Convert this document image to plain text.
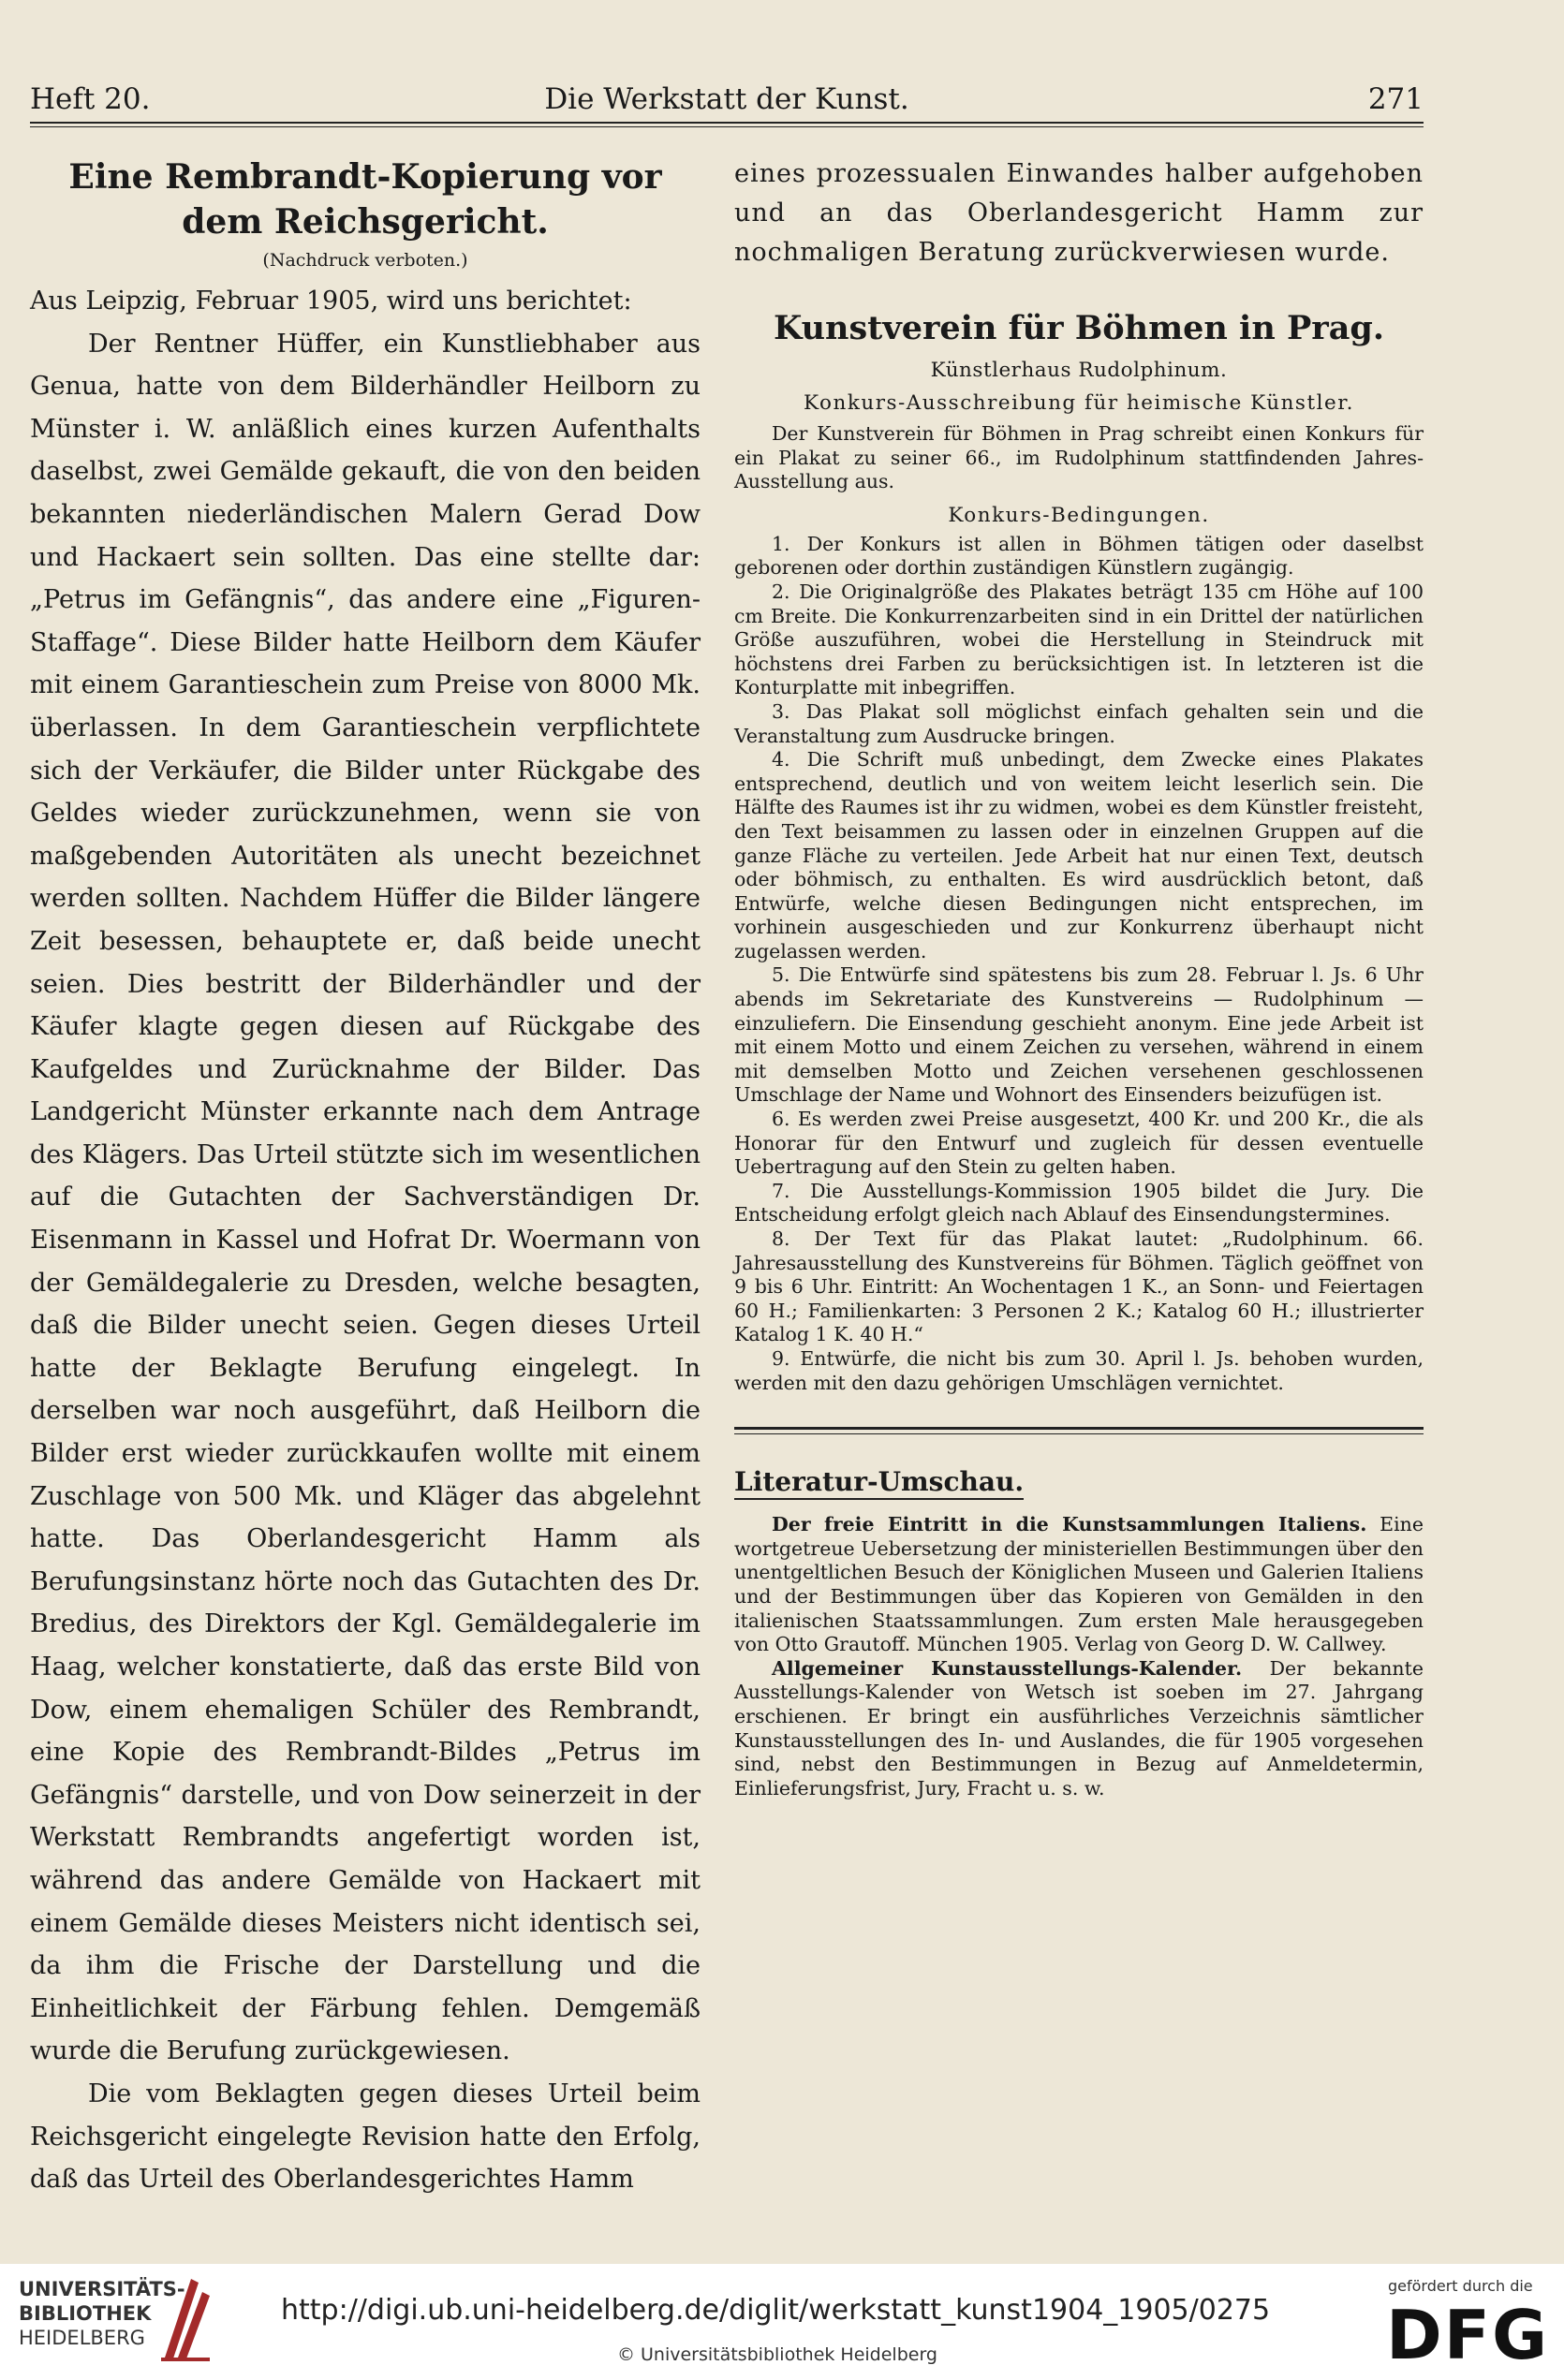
Heft 20.	Die Werkstatt der Kunst.	271
Eine Rembrandt-Kopierung vor dem Reichsgericht.
(Nachdruck verboten.)

Aus Leipzig, Februar 1905, wird uns berichtet:

Der Rentner Hüffer, ein Kunstliebhaber aus Genua, hatte von dem Bilderhändler Heilborn zu Münster i. W. anläßlich eines kurzen Aufenthalts daselbst, zwei Gemälde gekauft, die von den beiden bekannten niederländischen Malern Gerad Dow und Hackaert sein sollten. Das eine stellte dar: „Petrus im Gefängnis“, das andere eine „Figuren-Staffage“. Diese Bilder hatte Heilborn dem Käufer mit einem Garantieschein zum Preise von 8000 Mk. überlassen. In dem Garantieschein verpflichtete sich der Verkäufer, die Bilder unter Rückgabe des Geldes wieder zurückzunehmen, wenn sie von maßgebenden Autoritäten als unecht bezeichnet werden sollten. Nachdem Hüffer die Bilder längere Zeit besessen, behauptete er, daß beide unecht seien. Dies bestritt der Bilderhändler und der Käufer klagte gegen diesen auf Rückgabe des Kaufgeldes und Zurücknahme der Bilder. Das Landgericht Münster erkannte nach dem Antrage des Klägers. Das Urteil stützte sich im wesentlichen auf die Gutachten der Sachverständigen Dr. Eisenmann in Kassel und Hofrat Dr. Woermann von der Gemäldegalerie zu Dresden, welche besagten, daß die Bilder unecht seien. Gegen dieses Urteil hatte der Beklagte Berufung eingelegt. In derselben war noch ausgeführt, daß Heilborn die Bilder erst wieder zurückkaufen wollte mit einem Zuschlage von 500 Mk. und Kläger das abgelehnt hatte. Das Oberlandesgericht Hamm als Berufungsinstanz hörte noch das Gutachten des Dr. Bredius, des Direktors der Kgl. Gemäldegalerie im Haag, welcher konstatierte, daß das erste Bild von Dow, einem ehemaligen Schüler des Rembrandt, eine Kopie des Rembrandt-Bildes „Petrus im Gefängnis“ darstelle, und von Dow seinerzeit in der Werkstatt Rembrandts angefertigt worden ist, während das andere Gemälde von Hackaert mit einem Gemälde dieses Meisters nicht identisch sei, da ihm die Frische der Darstellung und die Einheitlichkeit der Färbung fehlen. Demgemäß wurde die Berufung zurückgewiesen.

Die vom Beklagten gegen dieses Urteil beim Reichsgericht eingelegte Revision hatte den Erfolg, daß das Urteil des Oberlandesgerichtes Hamm

eines prozessualen Einwandes halber aufgehoben und an das Oberlandesgericht Hamm zur nochmaligen Beratung zurückverwiesen wurde.

Kunstverein für Böhmen in Prag.
Künstlerhaus Rudolphinum.
Konkurs-Ausschreibung für heimische Künstler.

Der Kunstverein für Böhmen in Prag schreibt einen Konkurs für ein Plakat zu seiner 66., im Rudolphinum stattfindenden Jahres-Ausstellung aus.

Konkurs-Bedingungen.

1. Der Konkurs ist allen in Böhmen tätigen oder daselbst geborenen oder dorthin zuständigen Künstlern zugängig.

2. Die Originalgröße des Plakates beträgt 135 cm Höhe auf 100 cm Breite. Die Konkurrenzarbeiten sind in ein Drittel der natürlichen Größe auszuführen, wobei die Herstellung in Steindruck mit höchstens drei Farben zu berücksichtigen ist. In letzteren ist die Konturplatte mit inbegriffen.

3. Das Plakat soll möglichst einfach gehalten sein und die Veranstaltung zum Ausdrucke bringen.

4. Die Schrift muß unbedingt, dem Zwecke eines Plakates entsprechend, deutlich und von weitem leicht leserlich sein. Die Hälfte des Raumes ist ihr zu widmen, wobei es dem Künstler freisteht, den Text beisammen zu lassen oder in einzelnen Gruppen auf die ganze Fläche zu verteilen. Jede Arbeit hat nur einen Text, deutsch oder böhmisch, zu enthalten. Es wird ausdrücklich betont, daß Entwürfe, welche diesen Bedingungen nicht entsprechen, im vorhinein ausgeschieden und zur Konkurrenz überhaupt nicht zugelassen werden.

5. Die Entwürfe sind spätestens bis zum 28. Februar l. Js. 6 Uhr abends im Sekretariate des Kunstvereins — Rudolphinum — einzuliefern. Die Einsendung geschieht anonym. Eine jede Arbeit ist mit einem Motto und einem Zeichen zu versehen, während in einem mit demselben Motto und Zeichen versehenen geschlossenen Umschlage der Name und Wohnort des Einsenders beizufügen ist.

6. Es werden zwei Preise ausgesetzt, 400 Kr. und 200 Kr., die als Honorar für den Entwurf und zugleich für dessen eventuelle Uebertragung auf den Stein zu gelten haben.

7. Die Ausstellungs-Kommission 1905 bildet die Jury. Die Entscheidung erfolgt gleich nach Ablauf des Einsendungstermines.

8. Der Text für das Plakat lautet: „Rudolphinum. 66. Jahresausstellung des Kunstvereins für Böhmen. Täglich geöffnet von 9 bis 6 Uhr. Eintritt: An Wochentagen 1 K., an Sonn- und Feiertagen 60 H.; Familienkarten: 3 Personen 2 K.; Katalog 60 H.; illustrierter Katalog 1 K. 40 H.“

9. Entwürfe, die nicht bis zum 30. April l. Js. behoben wurden, werden mit den dazu gehörigen Umschlägen vernichtet.

Literatur-Umschau.

Der freie Eintritt in die Kunstsammlungen Italiens. Eine wortgetreue Uebersetzung der ministeriellen Bestimmungen über den unentgeltlichen Besuch der Königlichen Museen und Galerien Italiens und der Bestimmungen über das Kopieren von Gemälden in den italienischen Staatssammlungen. Zum ersten Male herausgegeben von Otto Grautoff. München 1905. Verlag von Georg D. W. Callwey.

Allgemeiner Kunstausstellungs-Kalender. Der bekannte Ausstellungs-Kalender von Wetsch ist soeben im 27. Jahrgang erschienen. Er bringt ein ausführliches Verzeichnis sämtlicher Kunstausstellungen des In- und Auslandes, die für 1905 vorgesehen sind, nebst den Bestimmungen in Bezug auf Anmeldetermin, Einlieferungsfrist, Jury, Fracht u. s. w.

UNIVERSITÄTS-
BIBLIOTHEK
HEIDELBERG
http://digi.ub.uni-heidelberg.de/diglit/werkstatt_kunst1904_1905/0275
© Universitätsbibliothek Heidelberg
gefördert durch die
DFG
